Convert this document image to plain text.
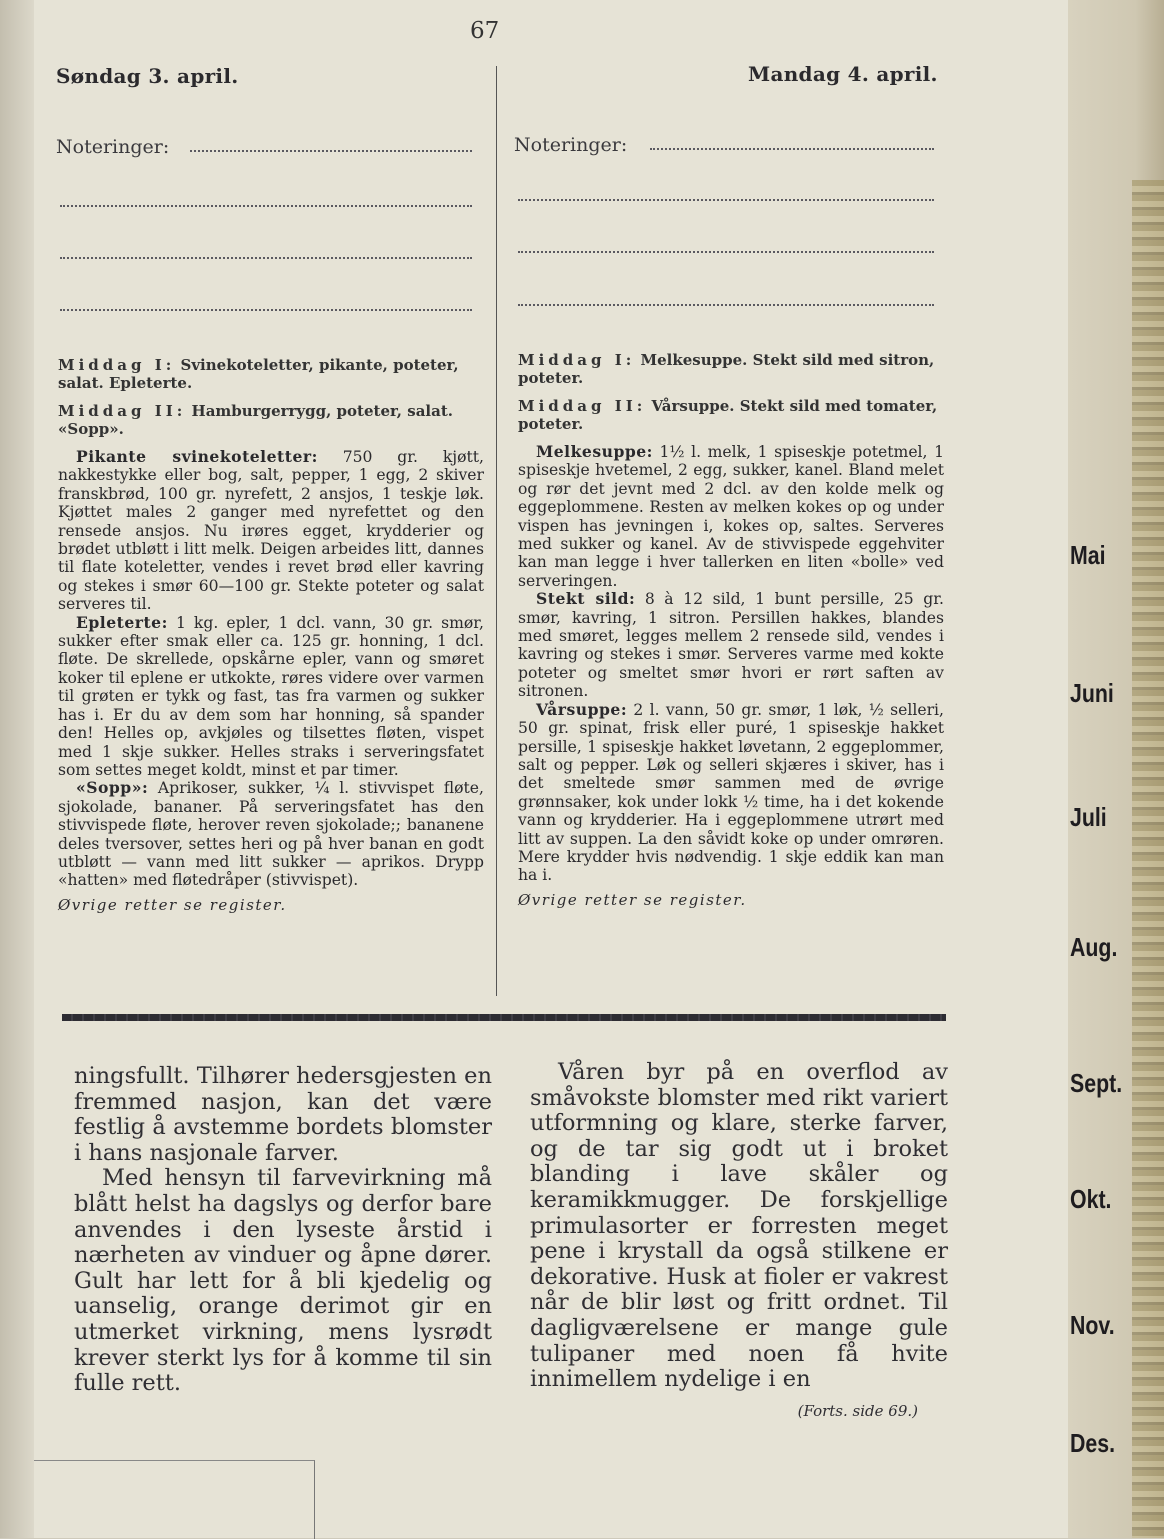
67
Søndag 3. april.
Noteringer:
Middag I: Svinekoteletter, pikante, poteter, salat. Epleterte.
Middag II: Hamburgerrygg, poteter, salat. «Sopp».

Pikante svinekoteletter: 750 gr. kjøtt, nakkestykke eller bog, salt, pepper, 1 egg, 2 skiver franskbrød, 100 gr. nyrefett, 2 ansjos, 1 teskje løk. Kjøttet males 2 ganger med nyrefettet og den rensede ansjos. Nu irøres egget, krydderier og brødet utbløtt i litt melk. Deigen arbeides litt, dannes til flate koteletter, vendes i revet brød eller kavring og stekes i smør 60—100 gr. Stekte poteter og salat serveres til.

Epleterte: 1 kg. epler, 1 dcl. vann, 30 gr. smør, sukker efter smak eller ca. 125 gr. honning, 1 dcl. fløte. De skrellede, opskårne epler, vann og smøret koker til eplene er utkokte, røres videre over varmen til grøten er tykk og fast, tas fra varmen og sukker has i. Er du av dem som har honning, så spander den! Helles op, avkjøles og tilsettes fløten, vispet med 1 skje sukker. Helles straks i serveringsfatet som settes meget koldt, minst et par timer.

«Sopp»: Aprikoser, sukker, ¼ l. stivvispet fløte, sjokolade, bananer. På serveringsfatet has den stivvispede fløte, herover reven sjokolade;; bananene deles tversover, settes heri og på hver banan en godt utbløtt — vann med litt sukker — aprikos. Drypp «hatten» med fløtedråper (stivvispet).

Øvrige retter se register.
Mandag 4. april.
Noteringer:
Middag I: Melkesuppe. Stekt sild med sitron, poteter.
Middag II: Vårsuppe. Stekt sild med tomater, poteter.

Melkesuppe: 1½ l. melk, 1 spiseskje potetmel, 1 spiseskje hvetemel, 2 egg, sukker, kanel. Bland melet og rør det jevnt med 2 dcl. av den kolde melk og eggeplommene. Resten av melken kokes op og under vispen has jevningen i, kokes op, saltes. Serveres med sukker og kanel. Av de stivvispede eggehviter kan man legge i hver tallerken en liten «bolle» ved serveringen.

Stekt sild: 8 à 12 sild, 1 bunt persille, 25 gr. smør, kavring, 1 sitron. Persillen hakkes, blandes med smøret, legges mellem 2 rensede sild, vendes i kavring og stekes i smør. Serveres varme med kokte poteter og smeltet smør hvori er rørt saften av sitronen.

Vårsuppe: 2 l. vann, 50 gr. smør, 1 løk, ½ selleri, 50 gr. spinat, frisk eller puré, 1 spiseskje hakket persille, 1 spiseskje hakket løvetann, 2 eggeplommer, salt og pepper. Løk og selleri skjæres i skiver, has i det smeltede smør sammen med de øvrige grønnsaker, kok under lokk ½ time, ha i det kokende vann og krydderier. Ha i eggeplommene utrørt med litt av suppen. La den såvidt koke op under omrøren. Mere krydder hvis nødvendig. 1 skje eddik kan man ha i.

Øvrige retter se register.

ningsfullt. Tilhører hedersgjesten en fremmed nasjon, kan det være festlig å avstemme bordets blomster i hans nasjonale farver.

Med hensyn til farvevirkning må blått helst ha dagslys og derfor bare anvendes i den lyseste årstid i nærheten av vinduer og åpne dører. Gult har lett for å bli kjedelig og uanselig, orange derimot gir en utmerket virkning, mens lysrødt krever sterkt lys for å komme til sin fulle rett.

Våren byr på en overflod av småvokste blomster med rikt variert utformning og klare, sterke farver, og de tar sig godt ut i broket blanding i lave skåler og keramikkmugger. De forskjellige primulasorter er forresten meget pene i krystall da også stilkene er dekorative. Husk at fioler er vakrest når de blir løst og fritt ordnet. Til dagligværelsene er mange gule tulipaner med noen få hvite innimellem nydelige i en

(Forts. side 69.)
Mai
Juni
Juli
Aug.
Sept.
Okt.
Nov.
Des.
